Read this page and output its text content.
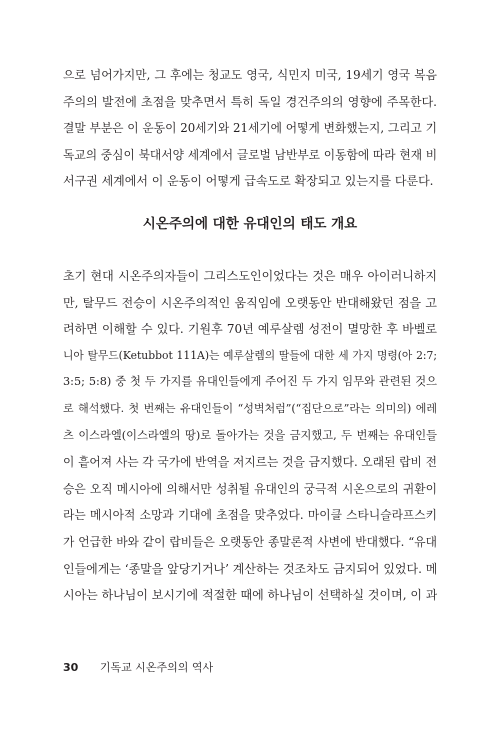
으로 넘어가지만, 그 후에는 청교도 영국, 식민지 미국, 19세기 영국 복음
주의의 발전에 초점을 맞추면서 특히 독일 경건주의의 영향에 주목한다.
결말 부분은 이 운동이 20세기와 21세기에 어떻게 변화했는지, 그리고 기
독교의 중심이 북대서양 세계에서 글로벌 남반부로 이동함에 따라 현재 비
서구권 세계에서 이 운동이 어떻게 급속도로 확장되고 있는지를 다룬다.
시온주의에 대한 유대인의 태도 개요
초기 현대 시온주의자들이 그리스도인이었다는 것은 매우 아이러니하지
만, 탈무드 전승이 시온주의적인 움직임에 오랫동안 반대해왔던 점을 고
려하면 이해할 수 있다. 기원후 70년 예루살렘 성전이 멸망한 후 바벨로
니아 탈무드(Ketubbot 111A)는 예루살렘의 딸들에 대한 세 가지 명령(아 2:7;
3:5; 5:8) 중 첫 두 가지를 유대인들에게 주어진 두 가지 임무와 관련된 것으
로 해석했다. 첫 번째는 유대인들이 “성벽처럼”(“집단으로”라는 의미의) 에레
츠 이스라엘(이스라엘의 땅)로 돌아가는 것을 금지했고, 두 번째는 유대인들
이 흩어져 사는 각 국가에 반역을 저지르는 것을 금지했다. 오래된 랍비 전
승은 오직 메시아에 의해서만 성취될 유대인의 궁극적 시온으로의 귀환이
라는 메시아적 소망과 기대에 초점을 맞추었다. 마이클 스타니슬라프스키
가 언급한 바와 같이 랍비들은 오랫동안 종말론적 사변에 반대했다. “유대
인들에게는 ‘종말을 앞당기거나’ 계산하는 것조차도 금지되어 있었다. 메
시아는 하나님이 보시기에 적절한 때에 하나님이 선택하실 것이며, 이 과
30 기독교 시온주의의 역사
